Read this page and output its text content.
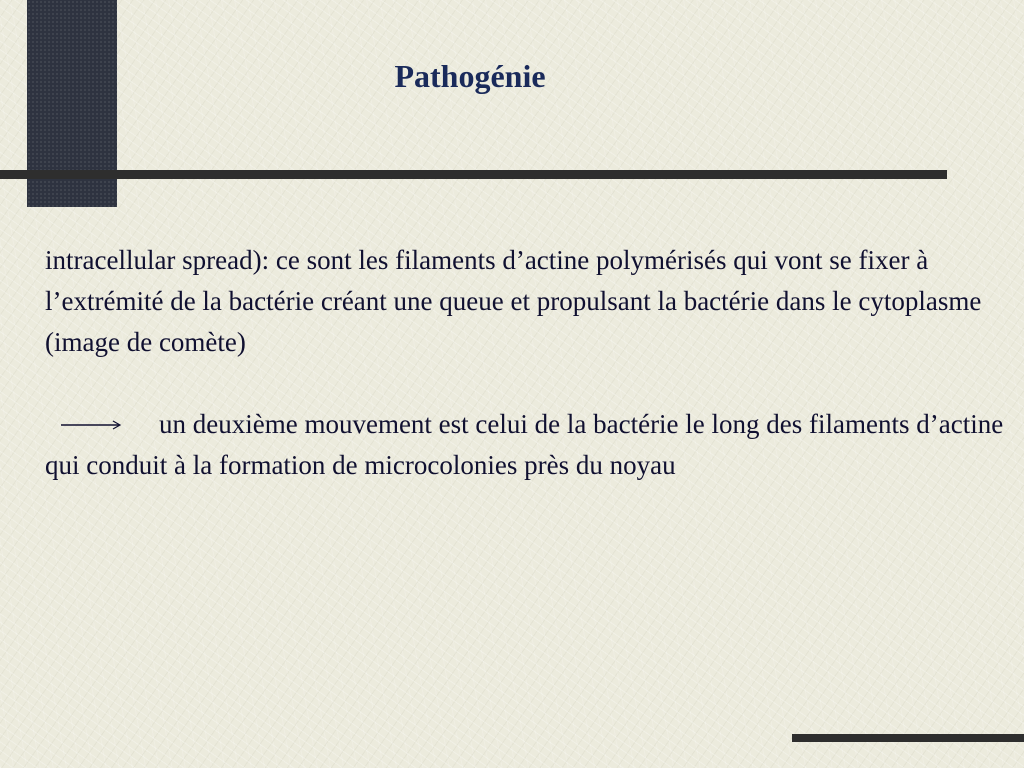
Pathogénie
intracellular spread): ce sont les filaments d’actine polymérisés qui vont se fixer à l’extrémité de la bactérie créant une queue et propulsant la bactérie dans le cytoplasme (image de comète)
un deuxième mouvement est celui de la bactérie le long des filaments d’actine qui conduit à la formation de microcolonies près du noyau
